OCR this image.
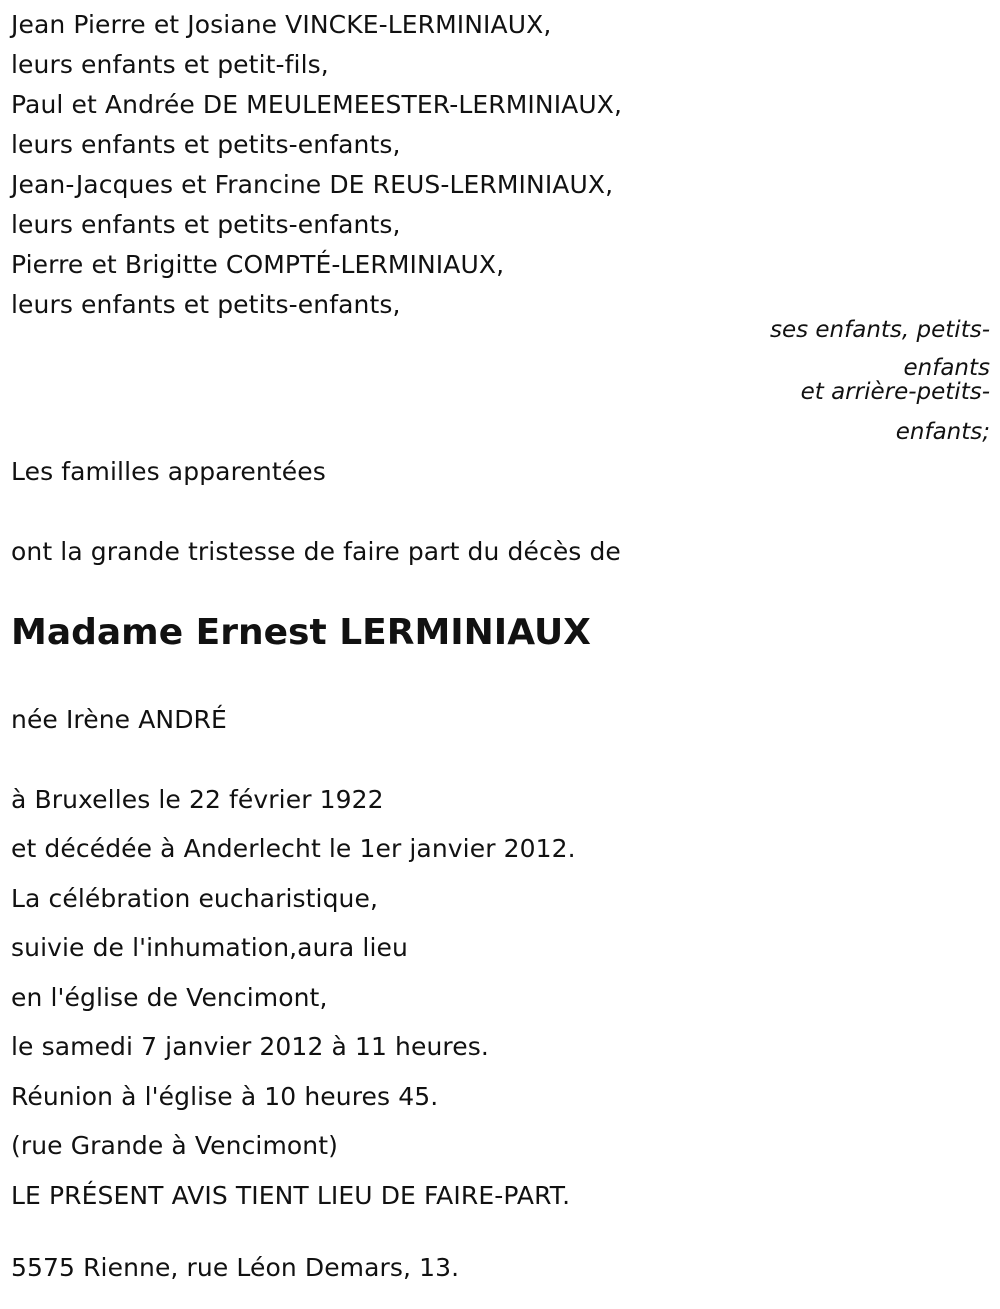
Jean Pierre et Josiane VINCKE-LERMINIAUX,
leurs enfants et petit-fils,
Paul et Andrée DE MEULEMEESTER-LERMINIAUX,
leurs enfants et petits-enfants,
Jean-Jacques et Francine DE REUS-LERMINIAUX,
leurs enfants et petits-enfants,
Pierre et Brigitte COMPTÉ-LERMINIAUX,
leurs enfants et petits-enfants,
ses enfants, petits-
enfants
et arrière-petits-
enfants;
Les familles apparentées
ont la grande tristesse de faire part du décès de
Madame Ernest LERMINIAUX
née Irène ANDRÉ
à Bruxelles le 22 février 1922
et décédée à Anderlecht le 1er janvier 2012.
La célébration eucharistique,
suivie de l'inhumation,aura lieu
en l'église de Vencimont,
le samedi 7 janvier 2012 à 11 heures.
Réunion à l'église à 10 heures 45.
(rue Grande à Vencimont)
LE PRÉSENT AVIS TIENT LIEU DE FAIRE-PART.
5575 Rienne, rue Léon Demars, 13.
